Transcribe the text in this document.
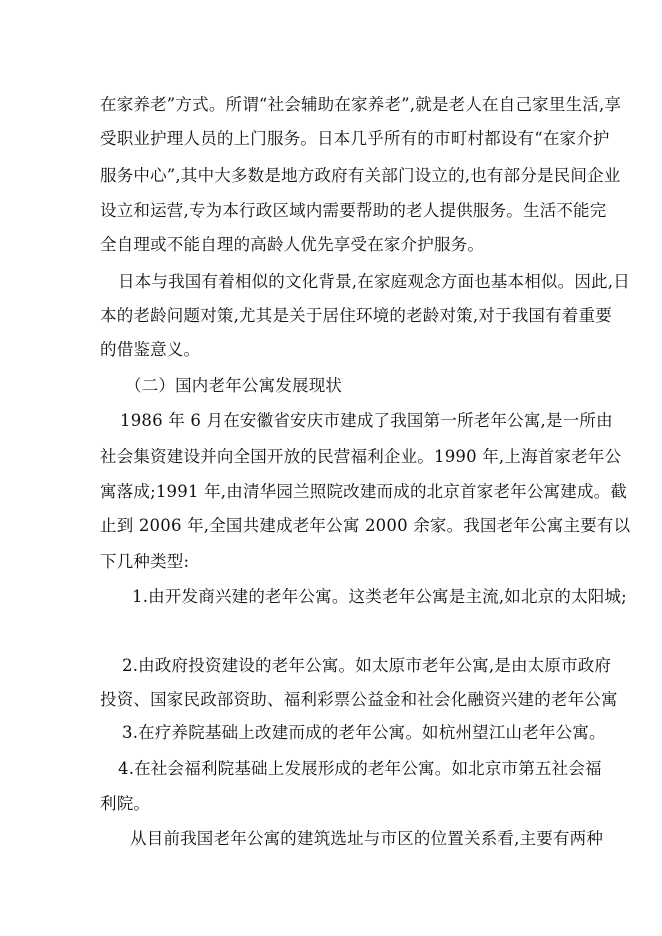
在家养老”方式。所谓“社会辅助在家养老”,就是老人在自己家里生活,享
受职业护理人员的上门服务。日本几乎所有的市町村都设有“在家介护
服务中心”,其中大多数是地方政府有关部门设立的,也有部分是民间企业
设立和运营,专为本行政区域内需要帮助的老人提供服务。生活不能完
全自理或不能自理的高龄人优先享受在家介护服务。
日本与我国有着相似的文化背景,在家庭观念方面也基本相似。因此,日
本的老龄问题对策,尤其是关于居住环境的老龄对策,对于我国有着重要
的借鉴意义。
（二）国内老年公寓发展现状
1986 年 6 月在安徽省安庆市建成了我国第一所老年公寓,是一所由
社会集资建设并向全国开放的民营福利企业。1990 年,上海首家老年公
寓落成;1991 年,由清华园兰照院改建而成的北京首家老年公寓建成。截
止到 2006 年,全国共建成老年公寓 2000 余家。我国老年公寓主要有以
下几种类型:
1.由开发商兴建的老年公寓。这类老年公寓是主流,如北京的太阳城;
2.由政府投资建设的老年公寓。如太原市老年公寓,是由太原市政府
投资、国家民政部资助、福利彩票公益金和社会化融资兴建的老年公寓
3.在疗养院基础上改建而成的老年公寓。如杭州望江山老年公寓。
4.在社会福利院基础上发展形成的老年公寓。如北京市第五社会福
利院。
从目前我国老年公寓的建筑选址与市区的位置关系看,主要有两种
